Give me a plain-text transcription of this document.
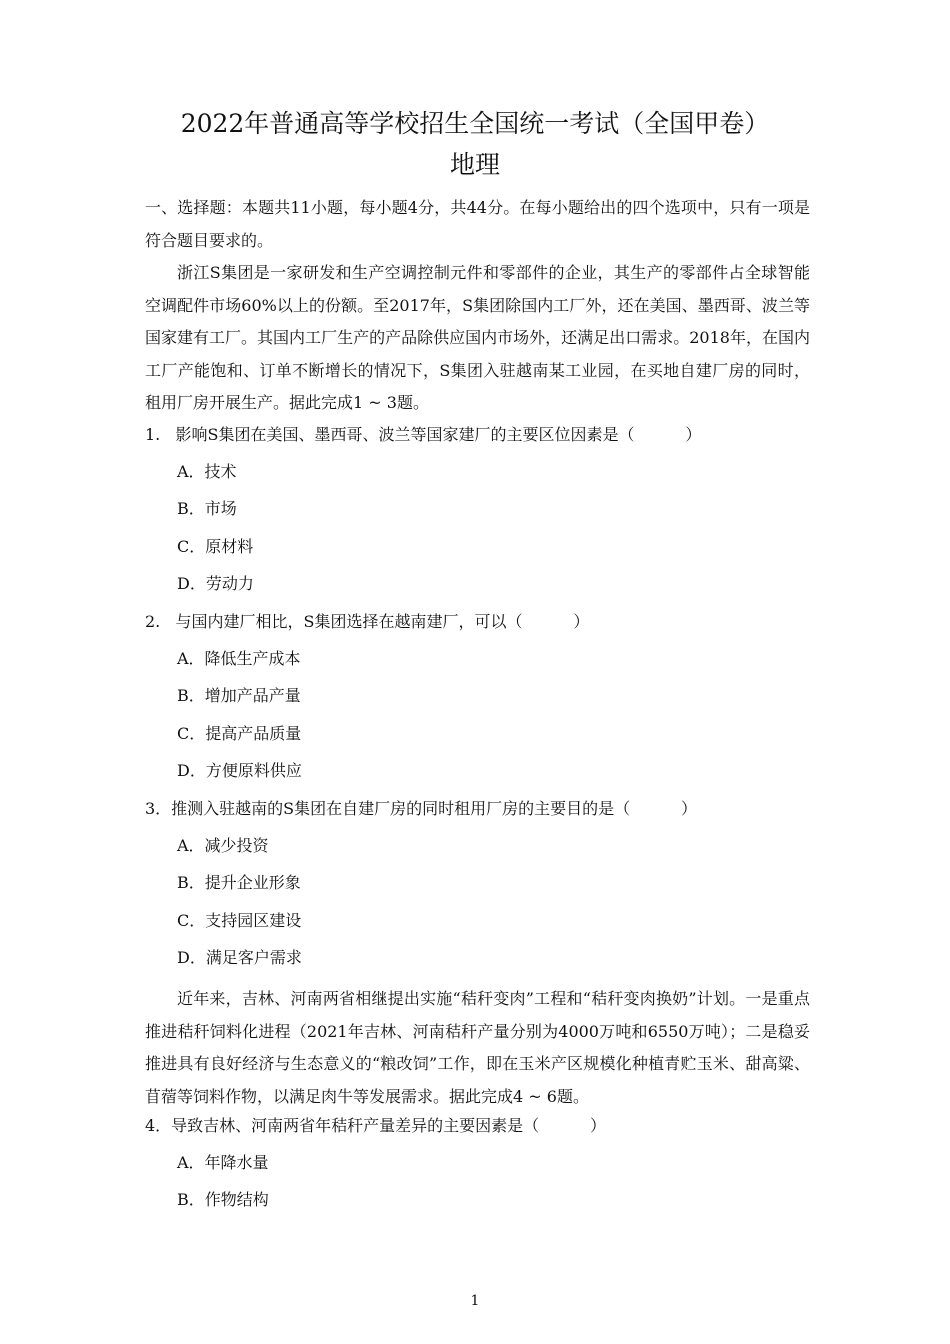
2022年普通高等学校招生全国统一考试（全国甲卷）
地理
一、选择题：本题共11小题，每小题4分，共44分。在每小题给出的四个选项中，只有一项是符合题目要求的。
浙江S集团是一家研发和生产空调控制元件和零部件的企业，其生产的零部件占全球智能空调配件市场60%以上的份额。至2017年，S集团除国内工厂外，还在美国、墨西哥、波兰等国家建有工厂。其国内工厂生产的产品除供应国内市场外，还满足出口需求。2018年，在国内工厂产能饱和、订单不断增长的情况下，S集团入驻越南某工业园，在买地自建厂房的同时，租用厂房开展生产。据此完成1 ~ 3题。
1.   影响S集团在美国、墨西哥、波兰等国家建厂的主要区位因素是（          ）
A．技术
B．市场
C．原材料
D．劳动力
2.   与国内建厂相比，S集团选择在越南建厂，可以（          ）
A．降低生产成本
B．增加产品产量
C．提高产品质量
D．方便原料供应
3．推测入驻越南的S集团在自建厂房的同时租用厂房的主要目的是（          ）
A．减少投资
B．提升企业形象
C．支持园区建设
D．满足客户需求
近年来，吉林、河南两省相继提出实施“秸秆变肉”工程和“秸秆变肉换奶”计划。一是重点推进秸秆饲料化进程（2021年吉林、河南秸秆产量分别为4000万吨和6550万吨）；二是稳妥推进具有良好经济与生态意义的“粮改饲”工作，即在玉米产区规模化种植青贮玉米、甜高粱、苜蓿等饲料作物，以满足肉牛等发展需求。据此完成4 ~ 6题。
4．导致吉林、河南两省年秸秆产量差异的主要因素是（          ）
A．年降水量
B．作物结构
1
